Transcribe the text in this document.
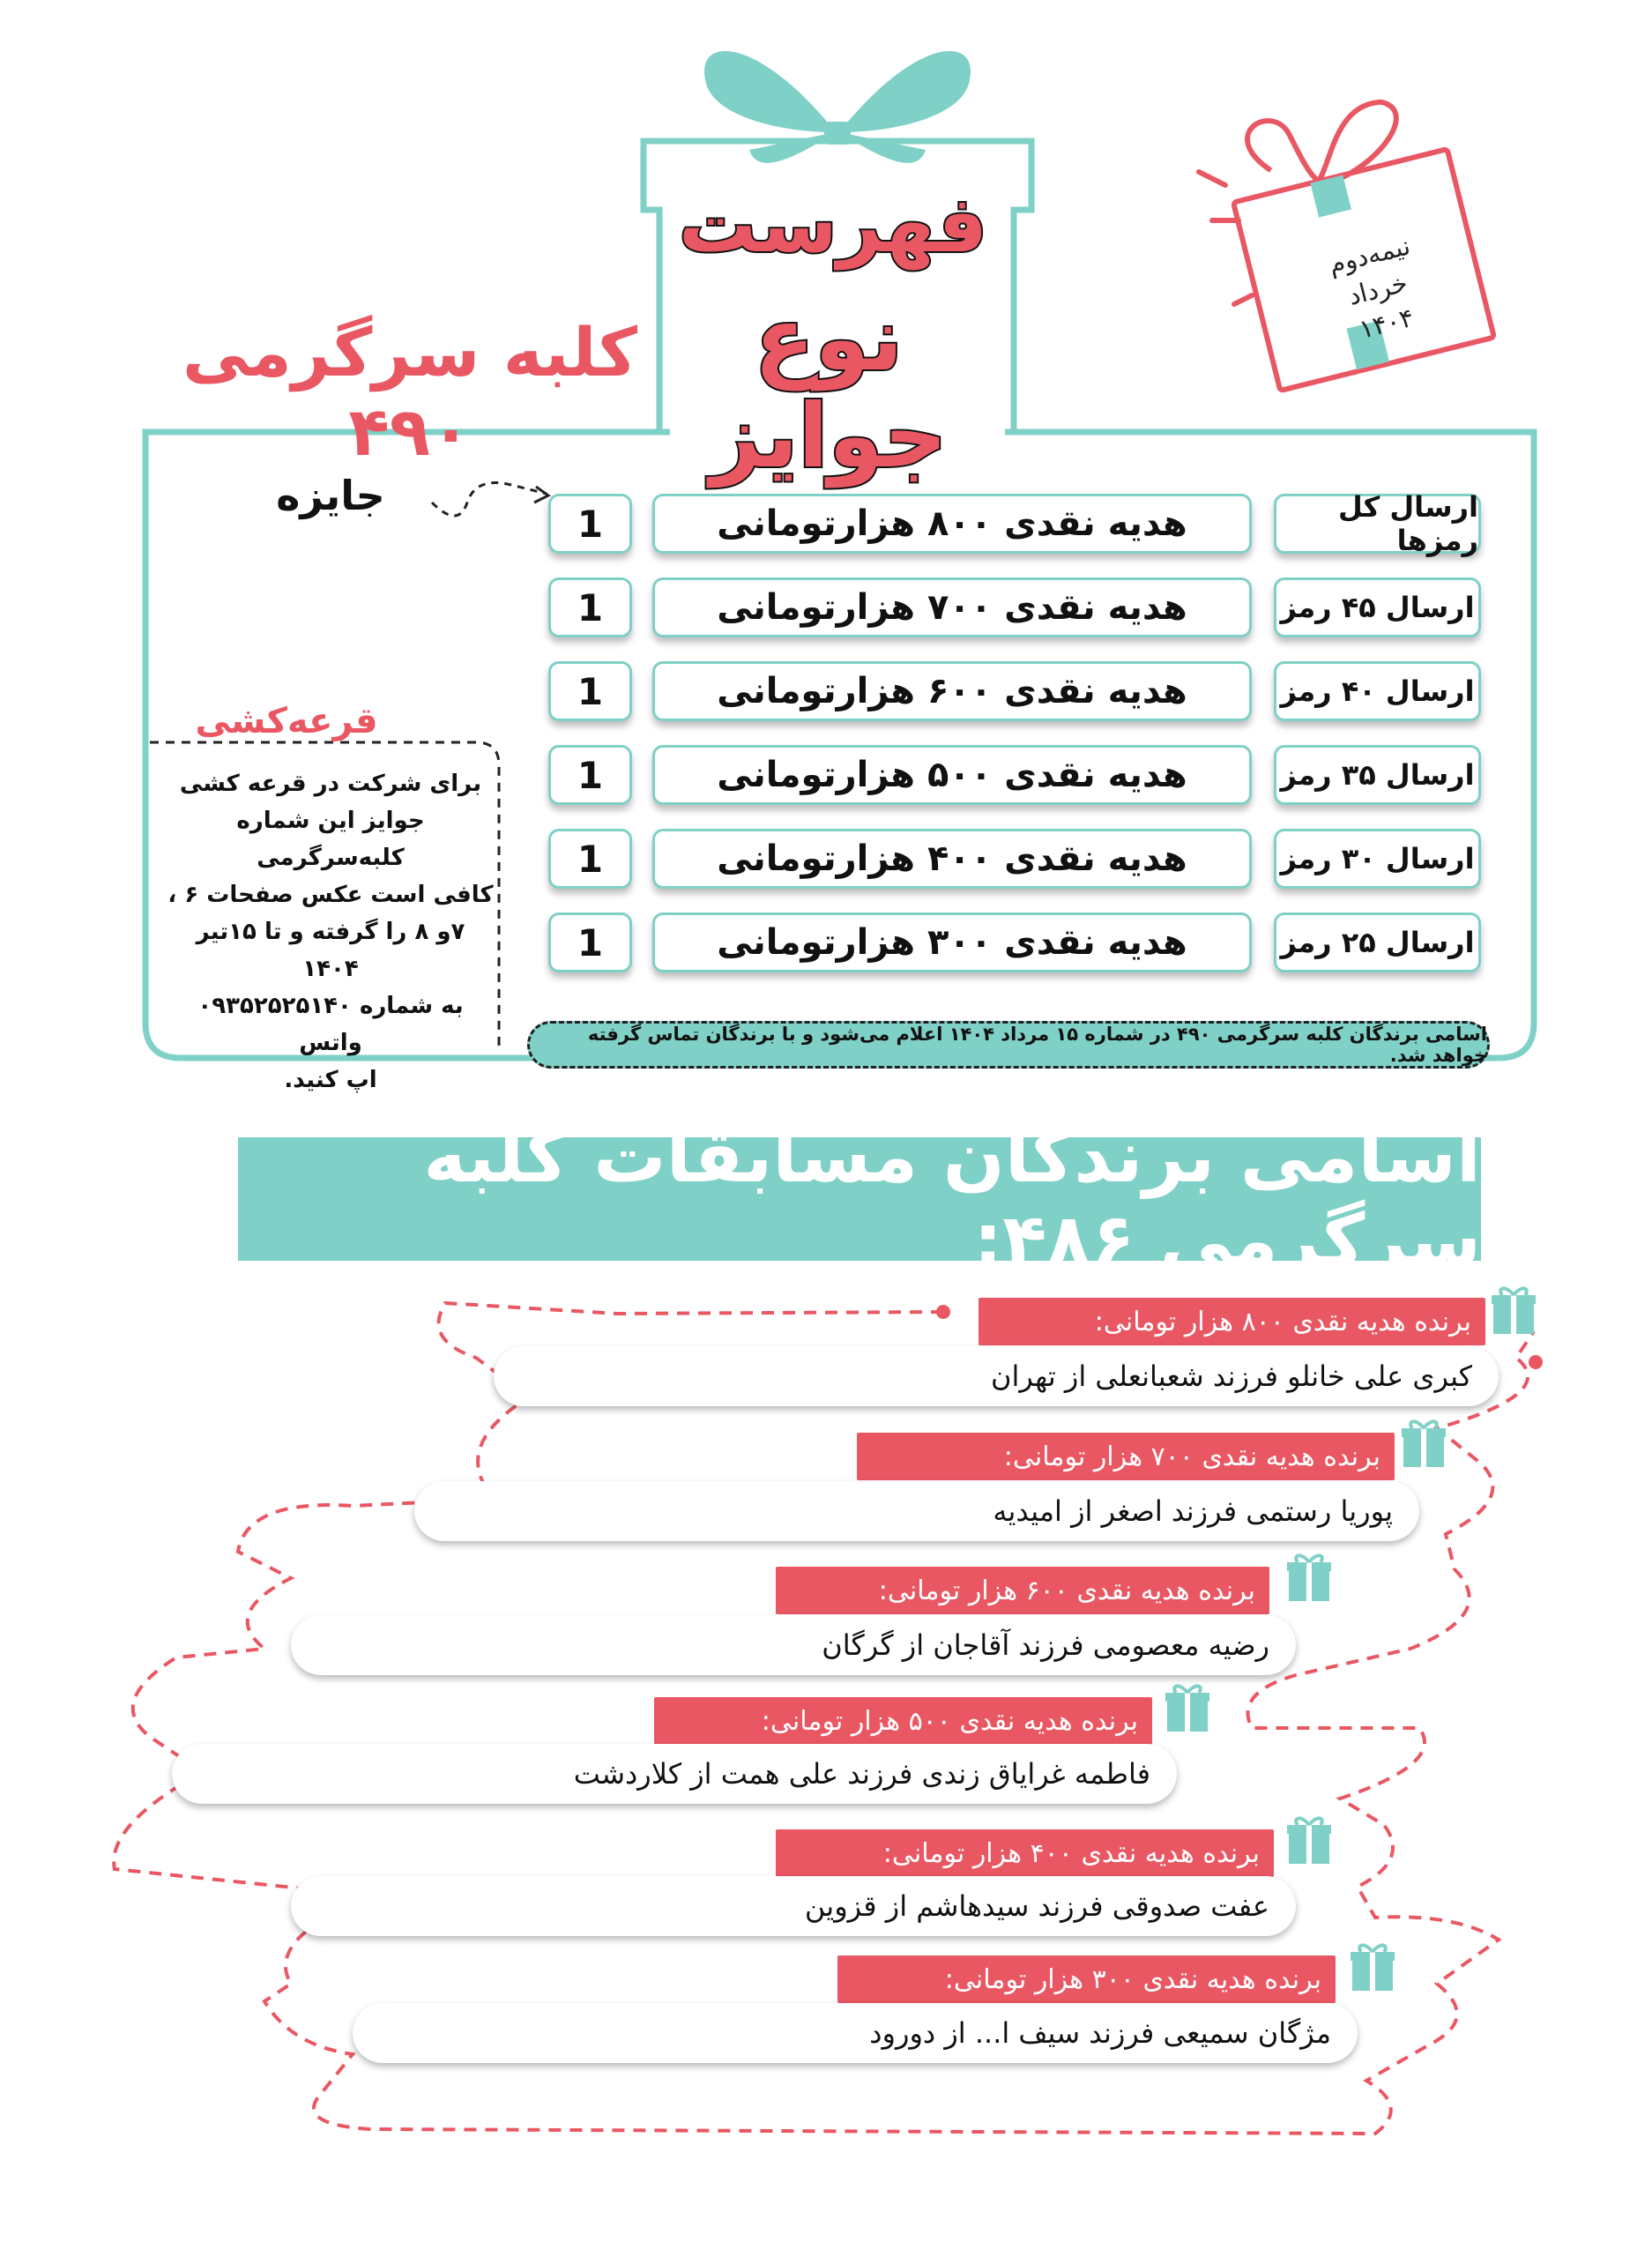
فهرست
نوع جوایز
کلبه سرگرمی ۴۹۰
نیمه‌دوم
خرداد
۱۴۰۴
جایزه	ارسال کل رمزها
هدیه نقدی ۸۰۰ هزارتومانی
1
ارسال ۴۵ رمز
هدیه نقدی ۷۰۰ هزارتومانی
1
ارسال ۴۰ رمز
هدیه نقدی ۶۰۰ هزارتومانی
1
ارسال ۳۵ رمز
هدیه نقدی ۵۰۰ هزارتومانی
1
ارسال ۳۰ رمز
هدیه نقدی ۴۰۰ هزارتومانی
1
ارسال ۲۵ رمز
هدیه نقدی ۳۰۰ هزارتومانی
1
قرعه‌کشی
برای شرکت در قرعه کشی
جوایز این شماره کلبه‌سرگرمی
کافی است عکس صفحات ۶ ،
۷و ۸ را گرفته و تا ۱۵تیر ۱۴۰۴
به شماره ۰۹۳۵۲۵۲۵۱۴۰ واتس
اپ کنید.
اسامی برندگان کلبه سرگرمی ۴۹۰ در شماره ۱۵ مرداد ۱۴۰۴ اعلام می‌شود و با برندگان تماس گرفته خواهد شد.
اسامی برندگان مسابقات کلبه سرگرمی ۴۸۶:
برنده هدیه نقدی ۸۰۰ هزار تومانی:
کبری علی خانلو فرزند شعبانعلی از تهران
برنده هدیه نقدی ۷۰۰ هزار تومانی:
پوریا رستمی فرزند اصغر از امیدیه
برنده هدیه نقدی ۶۰۰ هزار تومانی:
رضیه معصومی فرزند آقاجان از گرگان
برنده هدیه نقدی ۵۰۰ هزار تومانی:
فاطمه غرایاق زندی فرزند علی همت از کلاردشت
برنده هدیه نقدی ۴۰۰ هزار تومانی:
عفت صدوقی فرزند سیدهاشم از قزوین
برنده هدیه نقدی ۳۰۰ هزار تومانی:
مژگان سمیعی فرزند سیف ا... از دورود
